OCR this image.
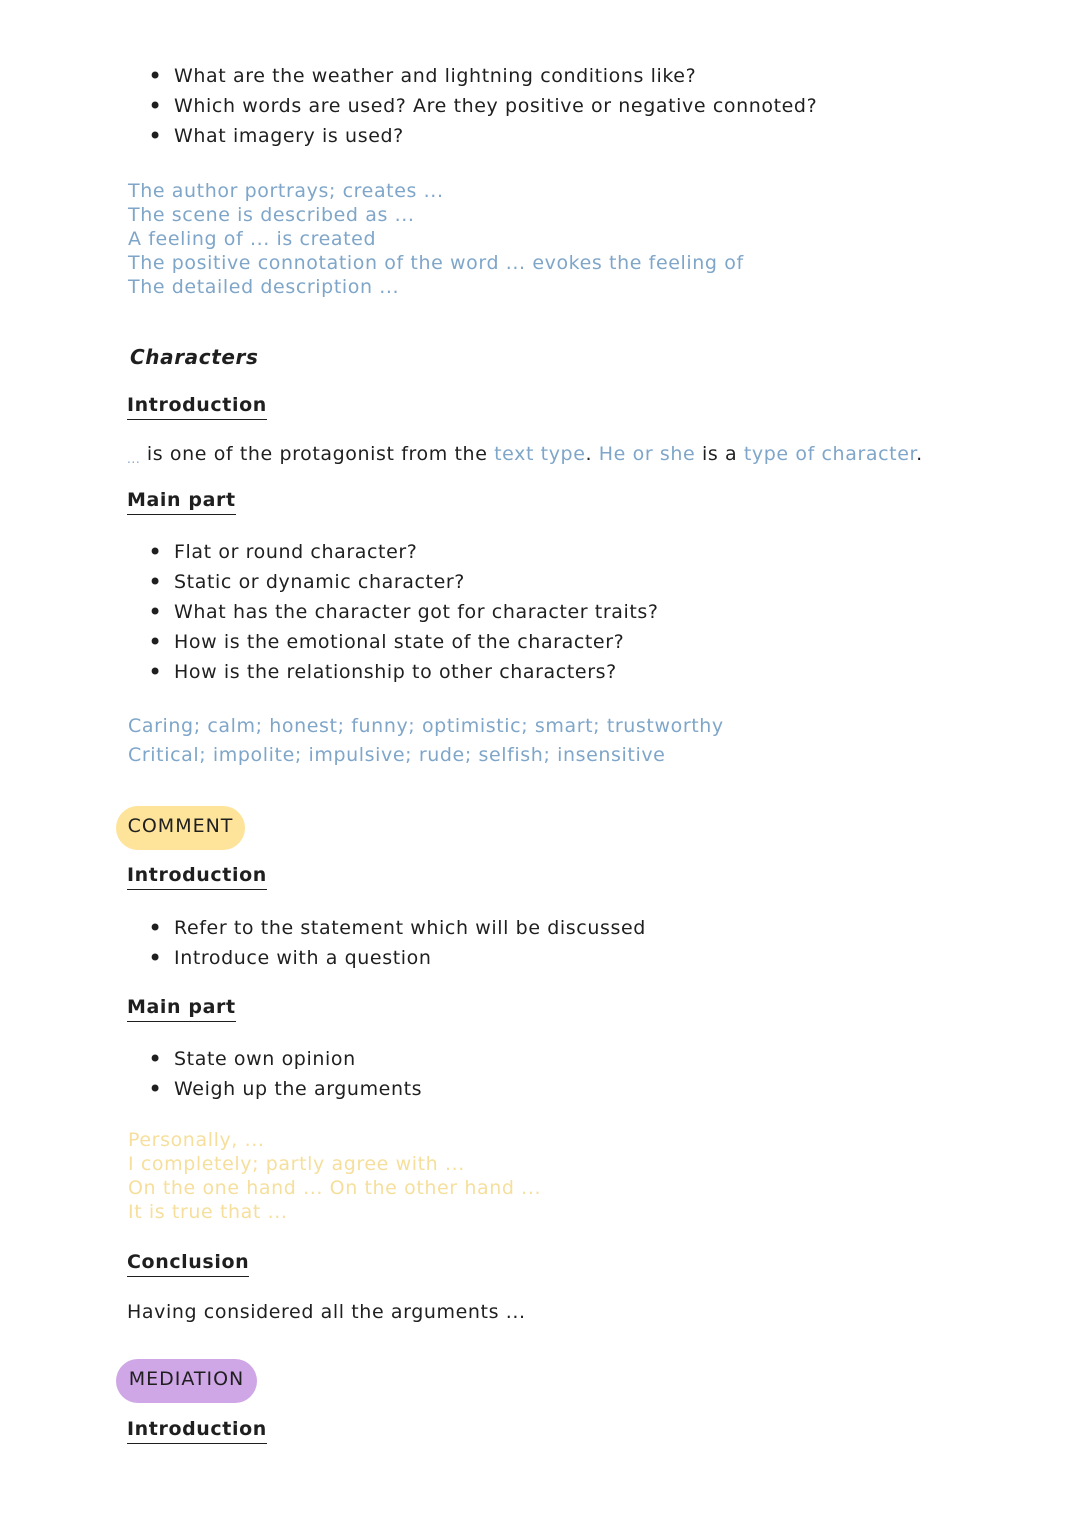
• What are the weather and lightning conditions like?
• Which words are used? Are they positive or negative connoted?
• What imagery is used?
The author portrays; creates ...
The scene is described as ...
A feeling of ... is created
The positive connotation of the word ... evokes the feeling of
The detailed description ...
Characters
Introduction
... is one of the protagonist from the text type. He or she is a type of character.
Main part
• Flat or round character?
• Static or dynamic character?
• What has the character got for character traits?
• How is the emotional state of the character?
• How is the relationship to other characters?
Caring; calm; honest; funny; optimistic; smart; trustworthy
Critical; impolite; impulsive; rude; selfish; insensitive
COMMENT
Introduction
• Refer to the statement which will be discussed
• Introduce with a question
Main part
• State own opinion
• Weigh up the arguments
Personally, ...
I completely; partly agree with ...
On the one hand ... On the other hand ...
It is true that ...
Conclusion
Having considered all the arguments ...
MEDIATION
Introduction
